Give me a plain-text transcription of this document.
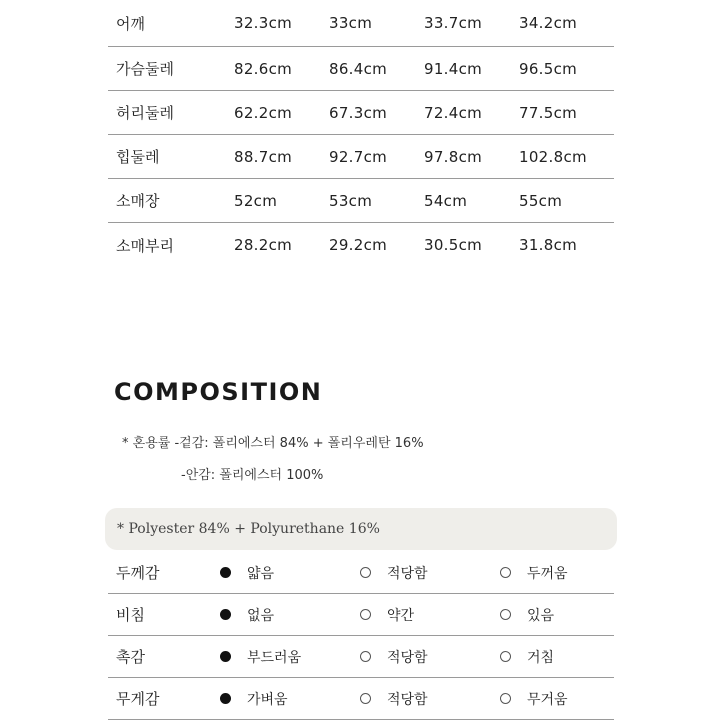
어깨	32.3cm	33cm	33.7cm	34.2cm
가슴둘레	82.6cm	86.4cm	91.4cm	96.5cm
허리둘레	62.2cm	67.3cm	72.4cm	77.5cm
힙둘레	88.7cm	92.7cm	97.8cm	102.8cm
소매장	52cm	53cm	54cm	55cm
소매부리	28.2cm	29.2cm	30.5cm	31.8cm
COMPOSITION
* 혼용률 -겉감: 폴리에스터 84% + 폴리우레탄 16%
-안감: 폴리에스터 100%
* Polyester 84% + Polyurethane 16%
두께감	얇음	적당함	두꺼움
비침	없음	약간	있음
촉감	부드러움	적당함	거침
무게감	가벼움	적당함	무거움
